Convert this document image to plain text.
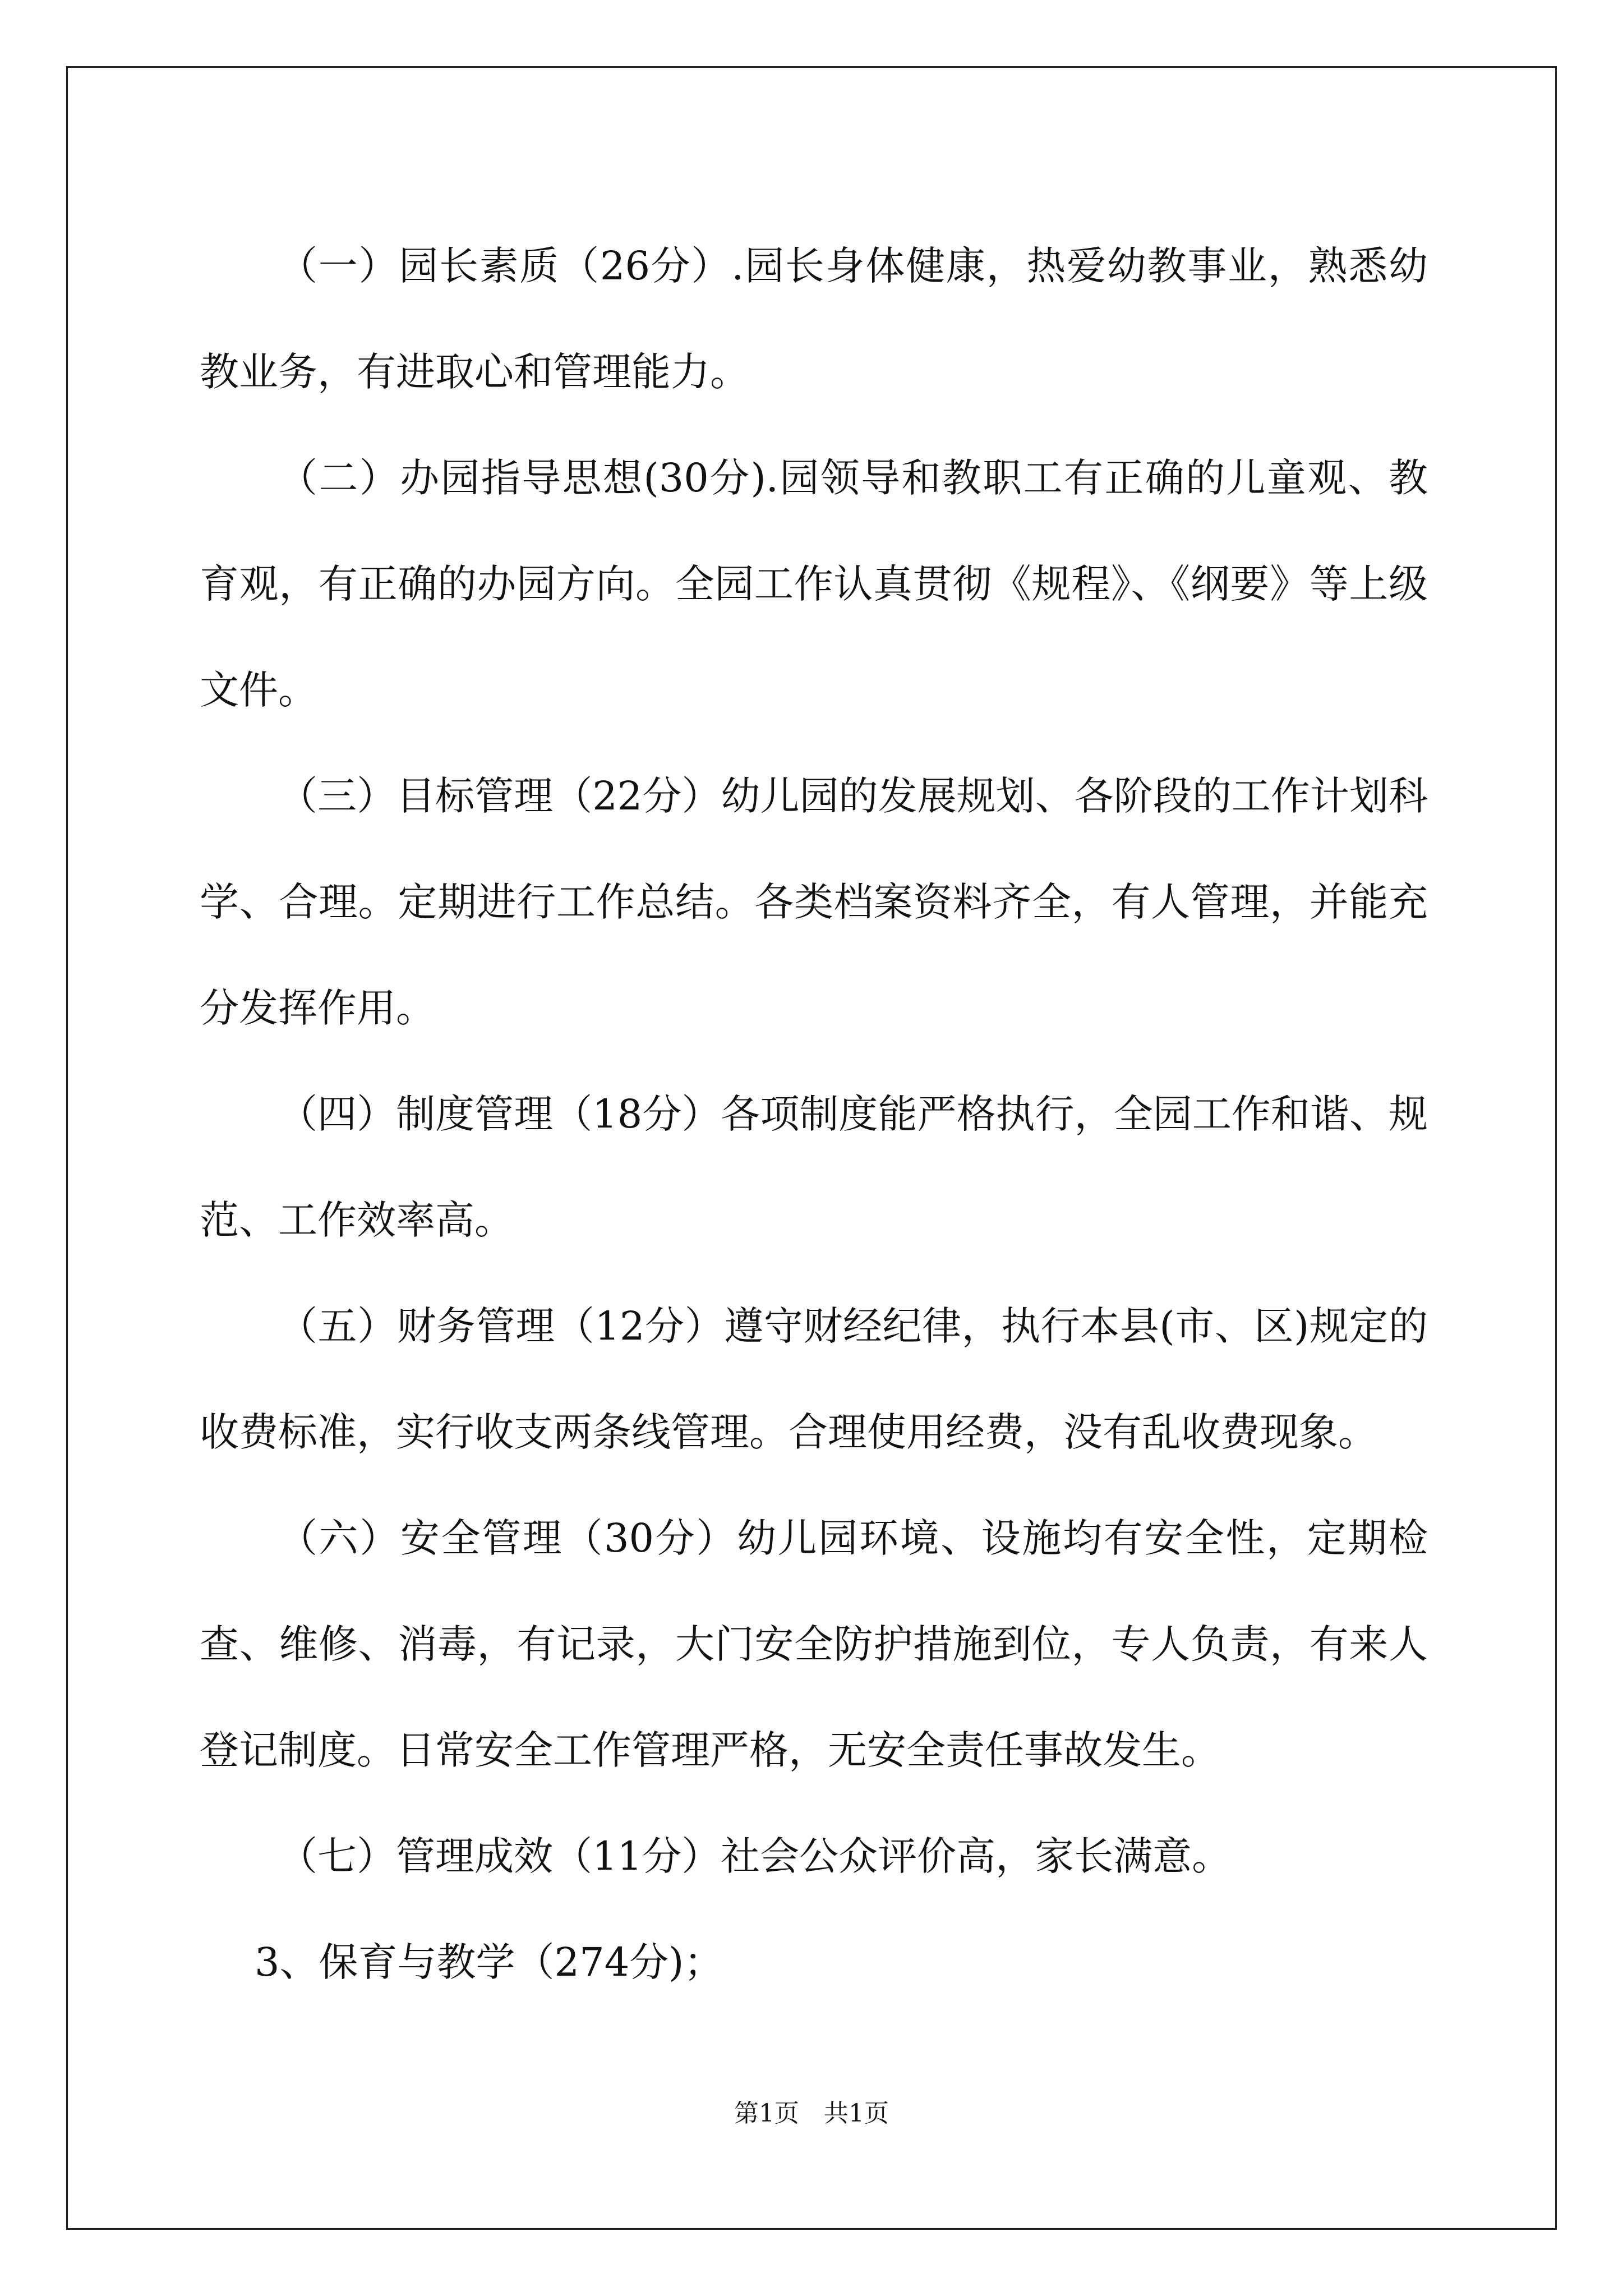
（一）园长素质（26分）.园长身体健康，热爱幼教事业，熟悉幼教业务，有进取心和管理能力。

（二）办园指导思想(30分).园领导和教职工有正确的儿童观、教育观，有正确的办园方向。全园工作认真贯彻《规程》、《纲要》等上级文件。

（三）目标管理（22分）幼儿园的发展规划、各阶段的工作计划科学、合理。定期进行工作总结。各类档案资料齐全，有人管理，并能充分发挥作用。

（四）制度管理（18分）各项制度能严格执行，全园工作和谐、规范、工作效率高。

（五）财务管理（12分）遵守财经纪律，执行本县(市、区)规定的收费标准，实行收支两条线管理。合理使用经费，没有乱收费现象。

（六）安全管理（30分）幼儿园环境、设施均有安全性，定期检查、维修、消毒，有记录，大门安全防护措施到位，专人负责，有来人登记制度。日常安全工作管理严格，无安全责任事故发生。

（七）管理成效（11分）社会公众评价高，家长满意。

3、保育与教学（274分)；

第1页 共1页
